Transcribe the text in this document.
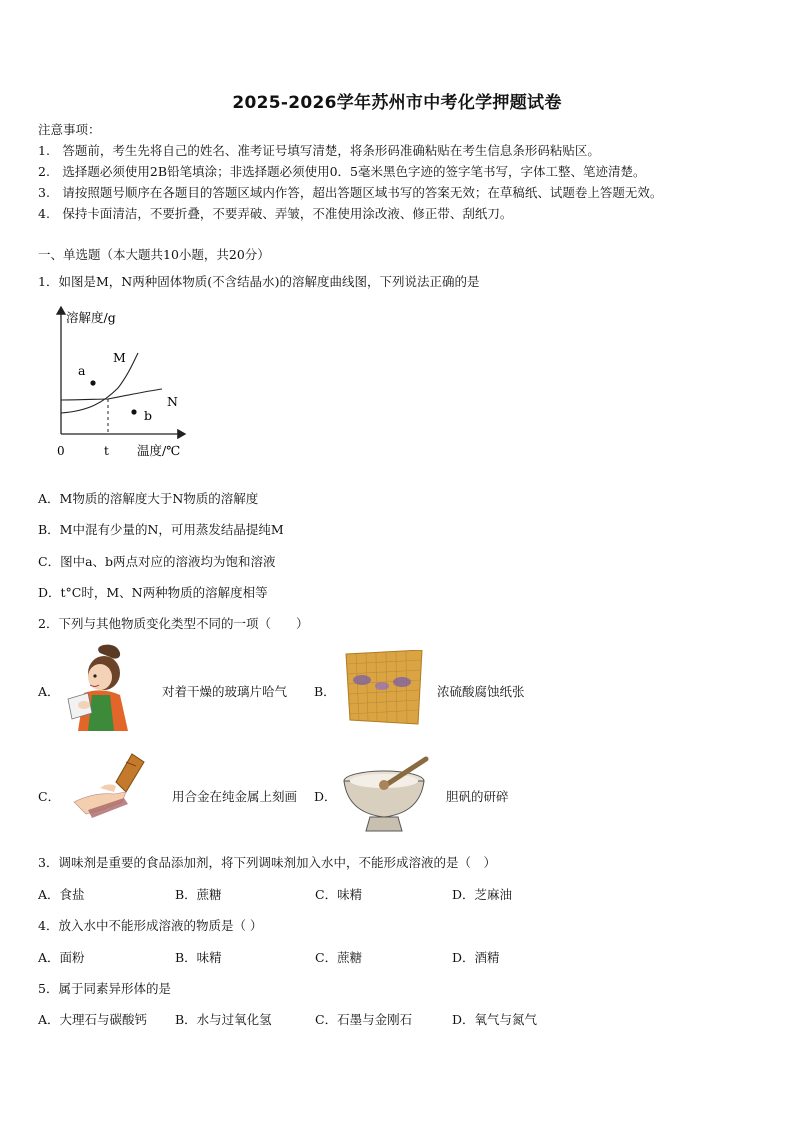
2025-2026学年苏州市中考化学押题试卷
注意事项：
1.　答题前，考生先将自己的姓名、准考证号填写清楚，将条形码准确粘贴在考生信息条形码粘贴区。
2.　选择题必须使用2B铅笔填涂；非选择题必须使用0．5毫米黑色字迹的签字笔书写，字体工整、笔迹清楚。
3.　请按照题号顺序在各题目的答题区域内作答，超出答题区域书写的答案无效；在草稿纸、试题卷上答题无效。
4.　保持卡面清洁，不要折叠，不要弄破、弄皱，不准使用涂改液、修正带、刮纸刀。
一、单选题（本大题共10小题，共20分）
1．如图是M，N两种固体物质(不含结晶水)的溶解度曲线图，下列说法正确的是
溶解度/g
温度/℃
0	t
M
N
a
b
A．M物质的溶解度大于N物质的溶解度
B．M中混有少量的N，可用蒸发结晶提纯M
C．图中a、b两点对应的溶液均为饱和溶液
D．t°C时，M、N两种物质的溶解度相等
2．下列与其他物质变化类型不同的一项（　　）
A．	对着干燥的玻璃片哈气 B．	浓硫酸腐蚀纸张
C．	用合金在纯金属上刻画 D．	胆矾的研碎
3．调味剂是重要的食品添加剂，将下列调味剂加入水中，不能形成溶液的是（　）
A．食盐	B．蔗糖	C．味精	D．芝麻油
4．放入水中不能形成溶液的物质是（ ）
A．面粉	B．味精	C．蔗糖	D．酒精
5．属于同素异形体的是
A．大理石与碳酸钙 B．水与过氧化氢	C．石墨与金刚石	D．氧气与氮气
